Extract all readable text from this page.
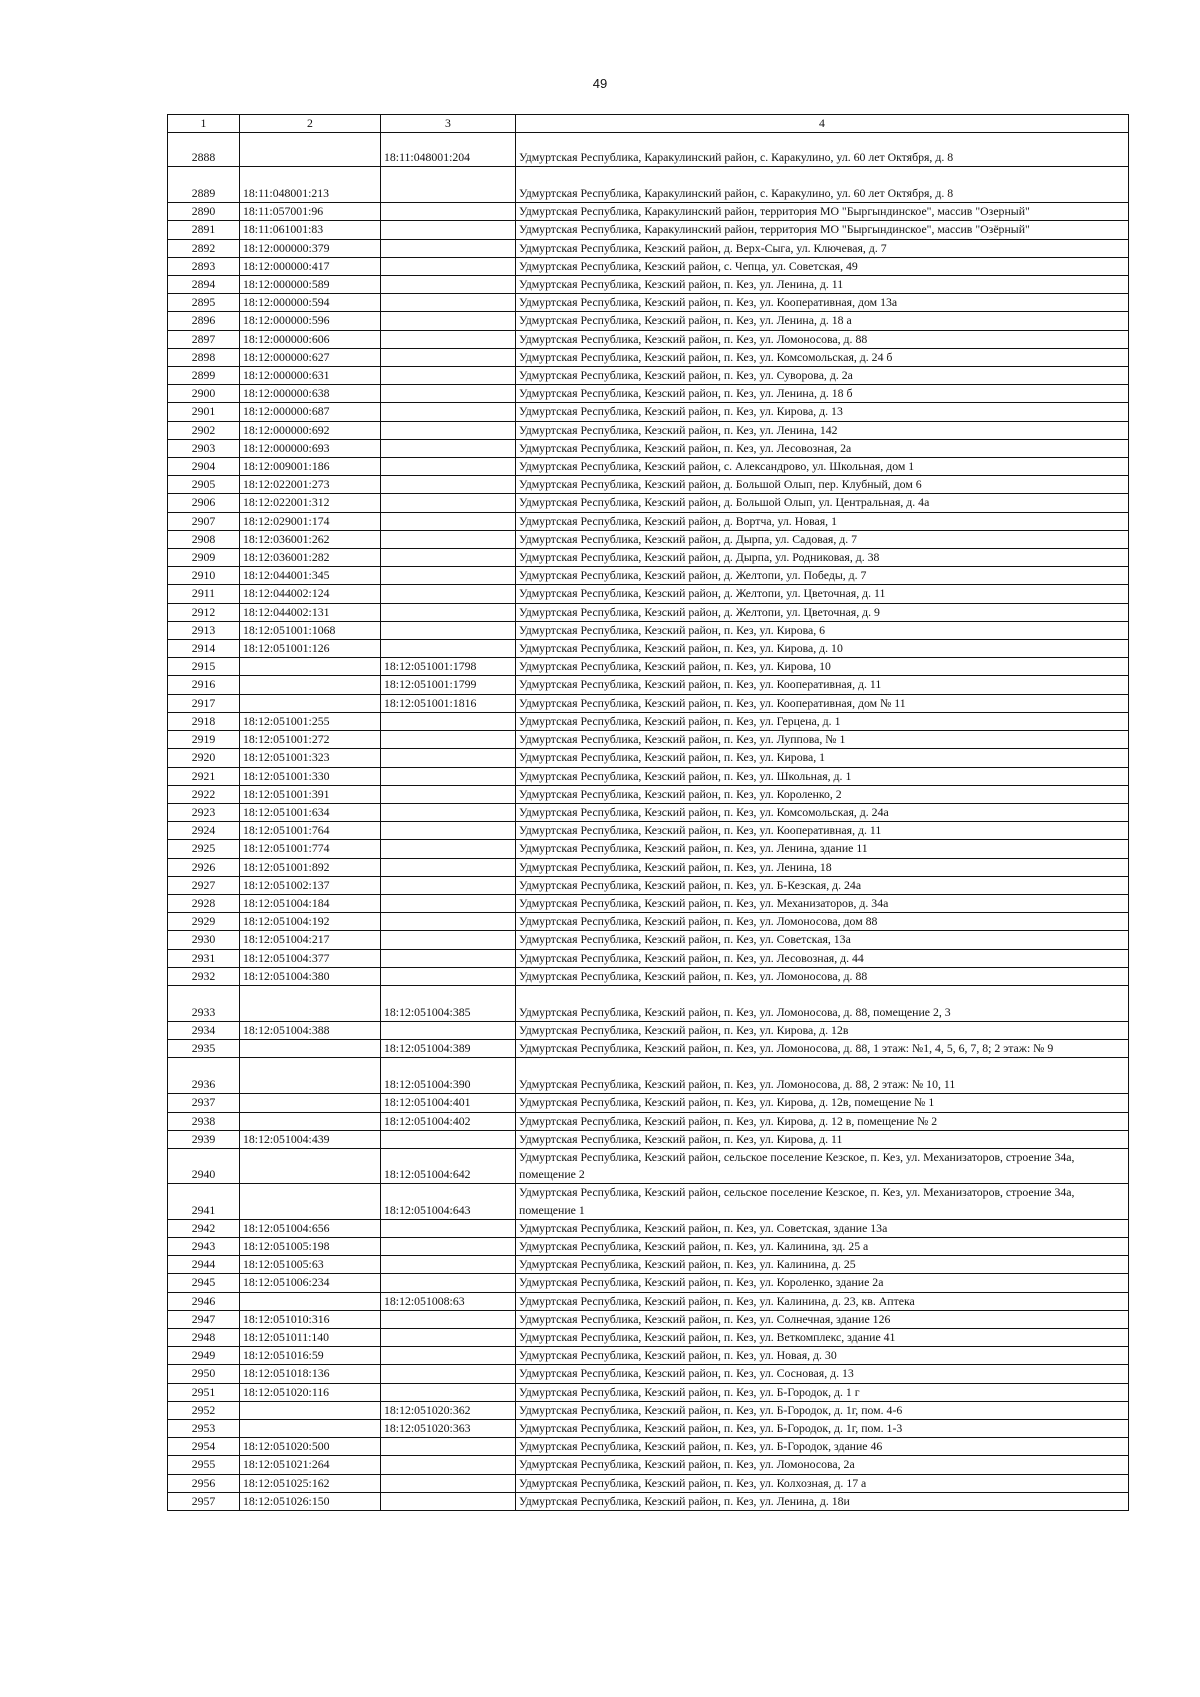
49
1	2	3	4
2888		18:11:048001:204	Удмуртская Республика, Каракулинский район, с. Каракулино, ул. 60 лет Октября, д. 8

2889	18:11:048001:213		Удмуртская Республика, Каракулинский район, с. Каракулино, ул. 60 лет Октября, д. 8

2890	18:11:057001:96		Удмуртская Республика, Каракулинский район, территория МО "Быргындинское", массив "Озерный"

2891	18:11:061001:83		Удмуртская Республика, Каракулинский район, территория МО "Быргындинское", массив "Озёрный"

2892	18:12:000000:379		Удмуртская Республика, Кезский район, д. Верх-Сыга, ул. Ключевая, д. 7

2893	18:12:000000:417		Удмуртская Республика, Кезский район, с. Чепца, ул. Советская, 49

2894	18:12:000000:589		Удмуртская Республика, Кезский район, п. Кез, ул. Ленина, д. 11

2895	18:12:000000:594		Удмуртская Республика, Кезский район, п. Кез, ул. Кооперативная, дом 13а

2896	18:12:000000:596		Удмуртская Республика, Кезский район, п. Кез, ул. Ленина, д. 18 а

2897	18:12:000000:606		Удмуртская Республика, Кезский район, п. Кез, ул. Ломоносова, д. 88

2898	18:12:000000:627		Удмуртская Республика, Кезский район, п. Кез, ул. Комсомольская, д. 24 б

2899	18:12:000000:631		Удмуртская Республика, Кезский район, п. Кез, ул. Суворова, д. 2а

2900	18:12:000000:638		Удмуртская Республика, Кезский район, п. Кез, ул. Ленина, д. 18 б

2901	18:12:000000:687		Удмуртская Республика, Кезский район, п. Кез, ул. Кирова, д. 13

2902	18:12:000000:692		Удмуртская Республика, Кезский район, п. Кез, ул. Ленина, 142

2903	18:12:000000:693		Удмуртская Республика, Кезский район, п. Кез, ул. Лесовозная, 2а

2904	18:12:009001:186		Удмуртская Республика, Кезский район, с. Александрово, ул. Школьная, дом 1

2905	18:12:022001:273		Удмуртская Республика, Кезский район, д. Большой Олып, пер. Клубный, дом 6

2906	18:12:022001:312		Удмуртская Республика, Кезский район, д. Большой Олып, ул. Центральная, д. 4а

2907	18:12:029001:174		Удмуртская Республика, Кезский район, д. Вортча, ул. Новая, 1

2908	18:12:036001:262		Удмуртская Республика, Кезский район, д. Дырпа, ул. Садовая, д. 7

2909	18:12:036001:282		Удмуртская Республика, Кезский район, д. Дырпа, ул. Родниковая, д. 38

2910	18:12:044001:345		Удмуртская Республика, Кезский район, д. Желтопи, ул. Победы, д. 7

2911	18:12:044002:124		Удмуртская Республика, Кезский район, д. Желтопи, ул. Цветочная, д. 11

2912	18:12:044002:131		Удмуртская Республика, Кезский район, д. Желтопи, ул. Цветочная, д. 9

2913	18:12:051001:1068		Удмуртская Республика, Кезский район, п. Кез, ул. Кирова, 6

2914	18:12:051001:126		Удмуртская Республика, Кезский район, п. Кез, ул. Кирова, д. 10

2915		18:12:051001:1798	Удмуртская Республика, Кезский район, п. Кез, ул. Кирова, 10

2916		18:12:051001:1799	Удмуртская Республика, Кезский район, п. Кез, ул. Кооперативная, д. 11

2917		18:12:051001:1816	Удмуртская Республика, Кезский район, п. Кез, ул. Кооперативная, дом № 11

2918	18:12:051001:255		Удмуртская Республика, Кезский район, п. Кез, ул. Герцена, д. 1

2919	18:12:051001:272		Удмуртская Республика, Кезский район, п. Кез, ул. Луппова, № 1

2920	18:12:051001:323		Удмуртская Республика, Кезский район, п. Кез, ул. Кирова, 1

2921	18:12:051001:330		Удмуртская Республика, Кезский район, п. Кез, ул. Школьная, д. 1

2922	18:12:051001:391		Удмуртская Республика, Кезский район, п. Кез, ул. Короленко, 2

2923	18:12:051001:634		Удмуртская Республика, Кезский район, п. Кез, ул. Комсомольская, д. 24а

2924	18:12:051001:764		Удмуртская Республика, Кезский район, п. Кез, ул. Кооперативная, д. 11

2925	18:12:051001:774		Удмуртская Республика, Кезский район, п. Кез, ул. Ленина, здание 11

2926	18:12:051001:892		Удмуртская Республика, Кезский район, п. Кез, ул. Ленина, 18

2927	18:12:051002:137		Удмуртская Республика, Кезский район, п. Кез, ул. Б-Кезская, д. 24а

2928	18:12:051004:184		Удмуртская Республика, Кезский район, п. Кез, ул. Механизаторов, д. 34а

2929	18:12:051004:192		Удмуртская Республика, Кезский район, п. Кез, ул. Ломоносова, дом 88

2930	18:12:051004:217		Удмуртская Республика, Кезский район, п. Кез, ул. Советская, 13а

2931	18:12:051004:377		Удмуртская Республика, Кезский район, п. Кез, ул. Лесовозная, д. 44

2932	18:12:051004:380		Удмуртская Республика, Кезский район, п. Кез, ул. Ломоносова, д. 88

2933		18:12:051004:385	Удмуртская Республика, Кезский район, п. Кез, ул. Ломоносова, д. 88, помещение 2, 3

2934	18:12:051004:388		Удмуртская Республика, Кезский район, п. Кез, ул. Кирова, д. 12в

2935		18:12:051004:389	Удмуртская Республика, Кезский район, п. Кез, ул. Ломоносова, д. 88, 1 этаж: №1, 4, 5, 6, 7, 8; 2 этаж: № 9

2936		18:12:051004:390	Удмуртская Республика, Кезский район, п. Кез, ул. Ломоносова, д. 88, 2 этаж: № 10, 11

2937		18:12:051004:401	Удмуртская Республика, Кезский район, п. Кез, ул. Кирова, д. 12в, помещение № 1

2938		18:12:051004:402	Удмуртская Республика, Кезский район, п. Кез, ул. Кирова, д. 12 в, помещение № 2

2939	18:12:051004:439		Удмуртская Республика, Кезский район, п. Кез, ул. Кирова, д. 11

2940		18:12:051004:642	Удмуртская Республика, Кезский район, сельское поселение Кезское, п. Кез, ул. Механизаторов, строение 34а, помещение 2

2941		18:12:051004:643	Удмуртская Республика, Кезский район, сельское поселение Кезское, п. Кез, ул. Механизаторов, строение 34а, помещение 1

2942	18:12:051004:656		Удмуртская Республика, Кезский район, п. Кез, ул. Советская, здание 13а

2943	18:12:051005:198		Удмуртская Республика, Кезский район, п. Кез, ул. Калинина, зд. 25 а

2944	18:12:051005:63		Удмуртская Республика, Кезский район, п. Кез, ул. Калинина, д. 25

2945	18:12:051006:234		Удмуртская Республика, Кезский район, п. Кез, ул. Короленко, здание 2а

2946		18:12:051008:63	Удмуртская Республика, Кезский район, п. Кез, ул. Калинина, д. 23, кв. Аптека

2947	18:12:051010:316		Удмуртская Республика, Кезский район, п. Кез, ул. Солнечная, здание 126

2948	18:12:051011:140		Удмуртская Республика, Кезский район, п. Кез, ул. Веткомплекс, здание 41

2949	18:12:051016:59		Удмуртская Республика, Кезский район, п. Кез, ул. Новая, д. 30

2950	18:12:051018:136		Удмуртская Республика, Кезский район, п. Кез, ул. Сосновая, д. 13

2951	18:12:051020:116		Удмуртская Республика, Кезский район, п. Кез, ул. Б-Городок, д. 1 г

2952		18:12:051020:362	Удмуртская Республика, Кезский район, п. Кез, ул. Б-Городок, д. 1г, пом. 4-6

2953		18:12:051020:363	Удмуртская Республика, Кезский район, п. Кез, ул. Б-Городок, д. 1г, пом. 1-3

2954	18:12:051020:500		Удмуртская Республика, Кезский район, п. Кез, ул. Б-Городок, здание 46

2955	18:12:051021:264		Удмуртская Республика, Кезский район, п. Кез, ул. Ломоносова, 2а

2956	18:12:051025:162		Удмуртская Республика, Кезский район, п. Кез, ул. Колхозная, д. 17 а

2957	18:12:051026:150		Удмуртская Республика, Кезский район, п. Кез, ул. Ленина, д. 18и
